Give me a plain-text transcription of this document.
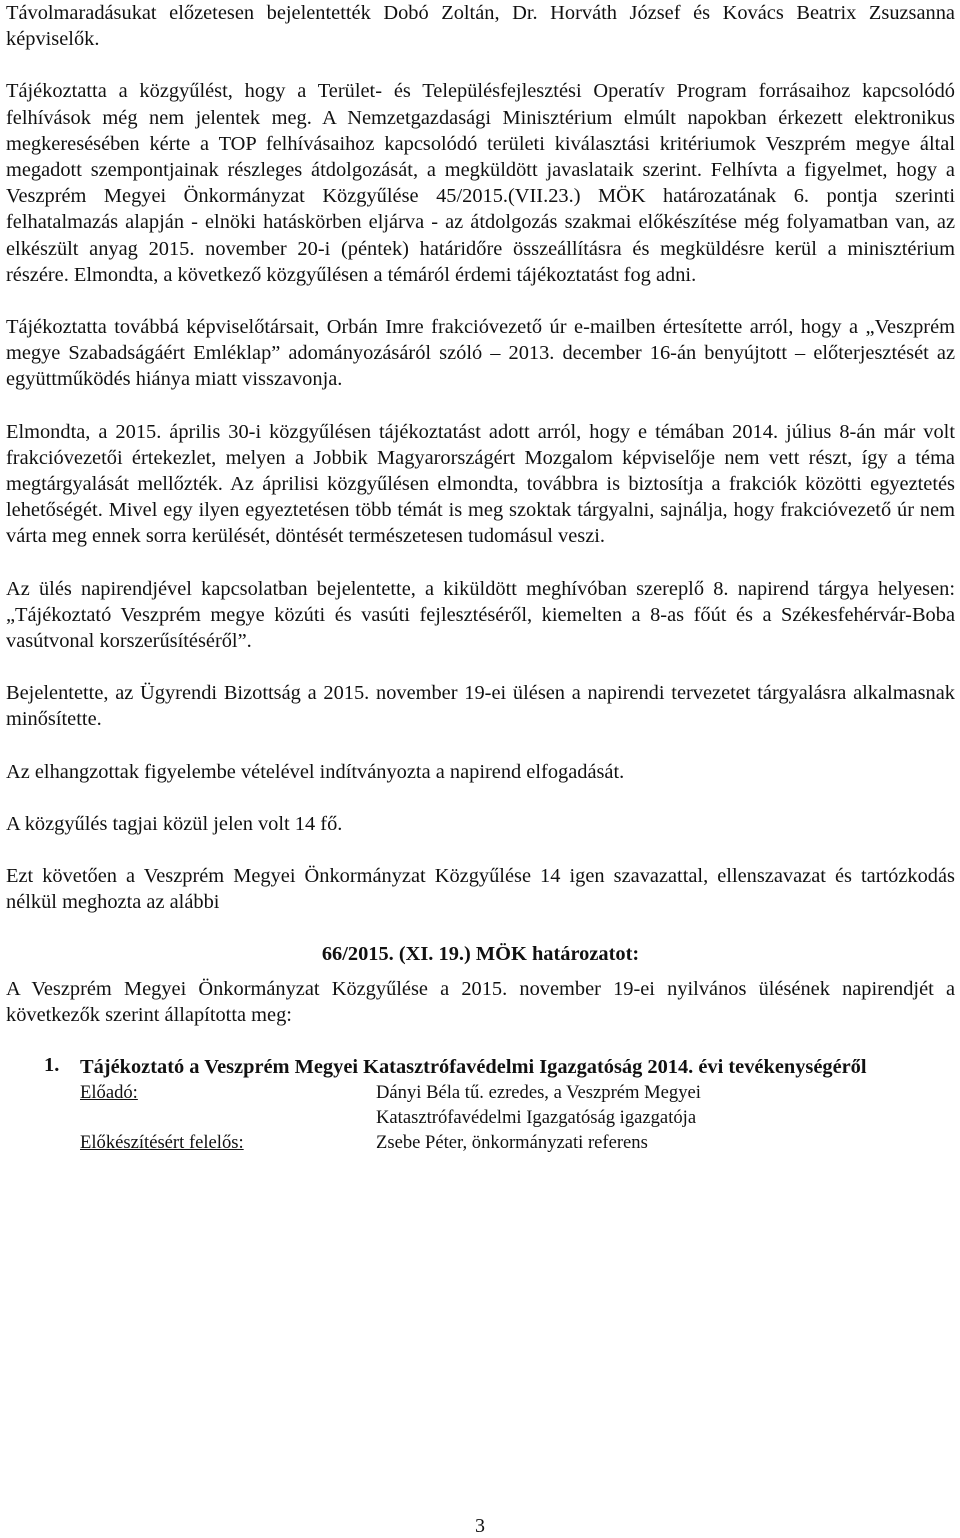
Távolmaradásukat előzetesen bejelentették Dobó Zoltán, Dr. Horváth József és Kovács Beatrix Zsuzsanna képviselők.

Tájékoztatta a közgyűlést, hogy a Terület- és Településfejlesztési Operatív Program forrásaihoz kapcsolódó felhívások még nem jelentek meg. A Nemzetgazdasági Minisztérium elmúlt napokban érkezett elektronikus megkeresésében kérte a TOP felhívásaihoz kapcsolódó területi kiválasztási kritériumok Veszprém megye által megadott szempontjainak részleges átdolgozását, a megküldött javaslataik szerint. Felhívta a figyelmet, hogy a Veszprém Megyei Önkormányzat Közgyűlése 45/2015.(VII.23.) MÖK határozatának 6. pontja szerinti felhatalmazás alapján - elnöki hatáskörben eljárva - az átdolgozás szakmai előkészítése még folyamatban van, az elkészült anyag 2015. november 20-i (péntek) határidőre összeállításra és megküldésre kerül a minisztérium részére. Elmondta, a következő közgyűlésen a témáról érdemi tájékoztatást fog adni.

Tájékoztatta továbbá képviselőtársait, Orbán Imre frakcióvezető úr e-mailben értesítette arról, hogy a „Veszprém megye Szabadságáért Emléklap” adományozásáról szóló – 2013. december 16-án benyújtott – előterjesztését az együttműködés hiánya miatt visszavonja.

Elmondta, a 2015. április 30-i közgyűlésen tájékoztatást adott arról, hogy e témában 2014. július 8-án már volt frakcióvezetői értekezlet, melyen a Jobbik Magyarországért Mozgalom képviselője nem vett részt, így a téma megtárgyalását mellőzték. Az áprilisi közgyűlésen elmondta, továbbra is biztosítja a frakciók közötti egyeztetés lehetőségét. Mivel egy ilyen egyeztetésen több témát is meg szoktak tárgyalni, sajnálja, hogy frakcióvezető úr nem várta meg ennek sorra kerülését, döntését természetesen tudomásul veszi.

Az ülés napirendjével kapcsolatban bejelentette, a kiküldött meghívóban szereplő 8. napirend tárgya helyesen: „Tájékoztató Veszprém megye közúti és vasúti fejlesztéséről, kiemelten a 8-as főút és a Székesfehérvár-Boba vasútvonal korszerűsítéséről”.

Bejelentette, az Ügyrendi Bizottság a 2015. november 19-ei ülésen a napirendi tervezetet tárgyalásra alkalmasnak minősítette.

Az elhangzottak figyelembe vételével indítványozta a napirend elfogadását.

A közgyűlés tagjai közül jelen volt 14 fő.

Ezt követően a Veszprém Megyei Önkormányzat Közgyűlése 14 igen szavazattal, ellenszavazat és tartózkodás nélkül meghozta az alábbi

66/2015. (XI. 19.) MÖK határozatot:

A Veszprém Megyei Önkormányzat Közgyűlése a 2015. november 19-ei nyilvános ülésének napirendjét a következők szerint állapította meg:

1. Tájékoztató a Veszprém Megyei Katasztrófavédelmi Igazgatóság 2014. évi tevékenységéről
Előadó:	Dányi Béla tű. ezredes, a Veszprém Megyei
Katasztrófavédelmi Igazgatóság igazgatója
Előkészítésért felelős:	Zsebe Péter, önkormányzati referens
3
